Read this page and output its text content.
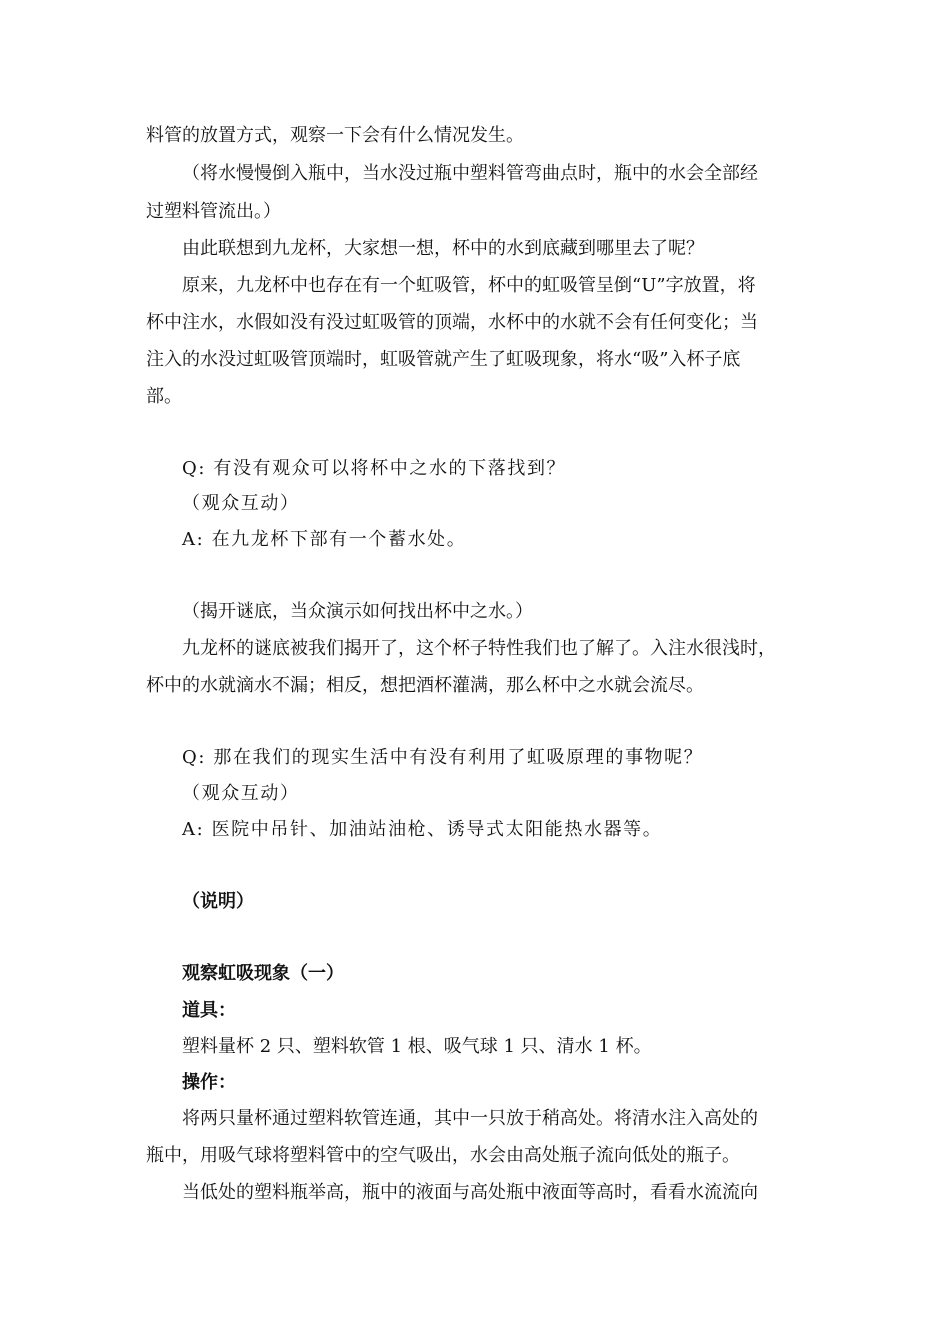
料管的放置方式，观察一下会有什么情况发生。
（将水慢慢倒入瓶中，当水没过瓶中塑料管弯曲点时，瓶中的水会全部经
过塑料管流出。）
由此联想到九龙杯，大家想一想，杯中的水到底藏到哪里去了呢？
原来，九龙杯中也存在有一个虹吸管，杯中的虹吸管呈倒“U”字放置，将
杯中注水，水假如没有没过虹吸管的顶端，水杯中的水就不会有任何变化；当
注入的水没过虹吸管顶端时，虹吸管就产生了虹吸现象，将水“吸”入杯子底
部。
Q: 有没有观众可以将杯中之水的下落找到？
（观众互动）
A: 在九龙杯下部有一个蓄水处。
（揭开谜底，当众演示如何找出杯中之水。）
九龙杯的谜底被我们揭开了，这个杯子特性我们也了解了。入注水很浅时，
杯中的水就滴水不漏；相反，想把酒杯灌满，那么杯中之水就会流尽。
Q: 那在我们的现实生活中有没有利用了虹吸原理的事物呢？
（观众互动）
A: 医院中吊针、加油站油枪、诱导式太阳能热水器等。
（说明）
观察虹吸现象（一）
道具：
塑料量杯 2 只、塑料软管 1 根、吸气球 1 只、清水 1 杯。
操作：
将两只量杯通过塑料软管连通，其中一只放于稍高处。将清水注入高处的
瓶中，用吸气球将塑料管中的空气吸出，水会由高处瓶子流向低处的瓶子。
当低处的塑料瓶举高，瓶中的液面与高处瓶中液面等高时，看看水流流向
